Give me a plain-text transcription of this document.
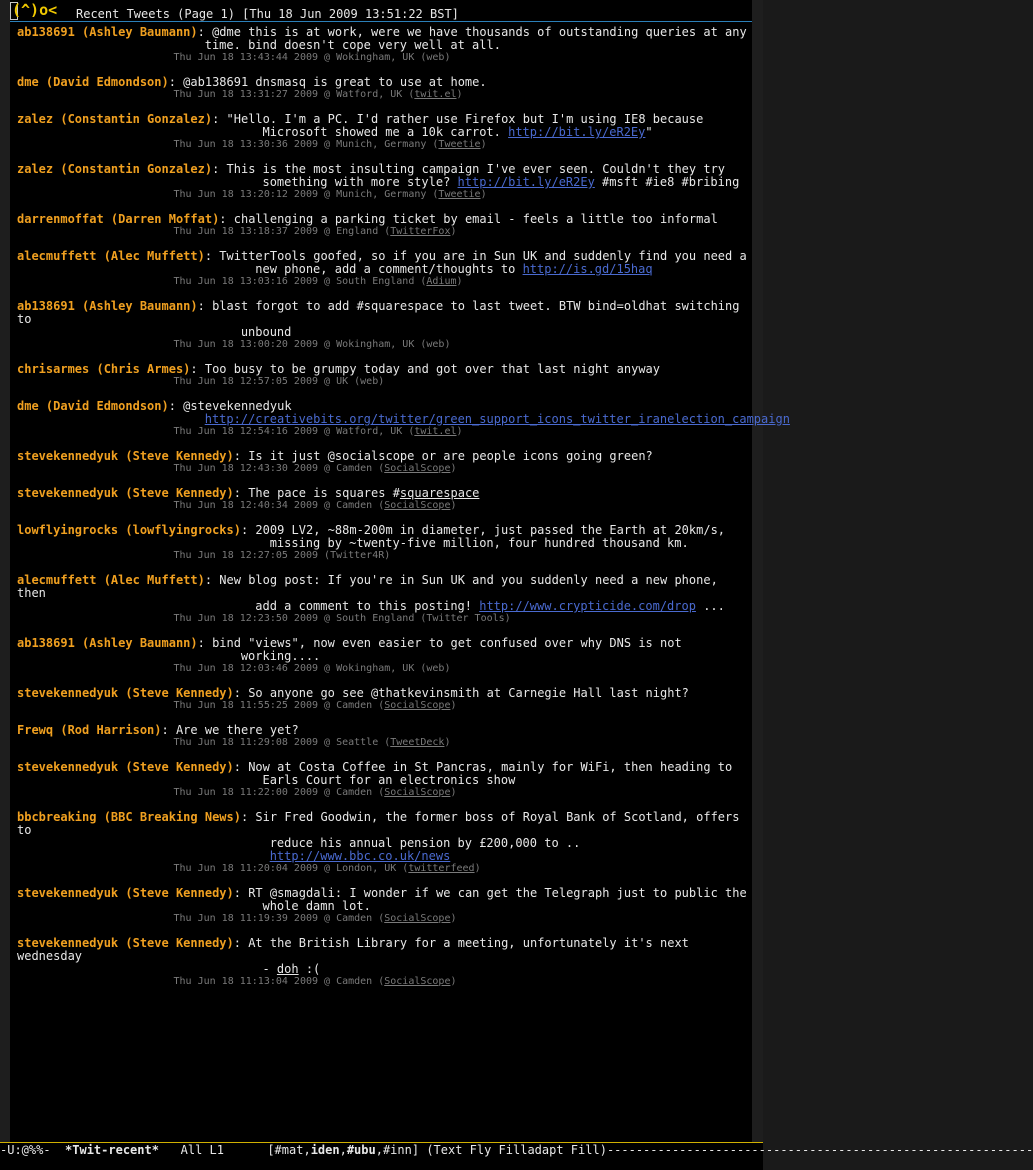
(^)o< Recent Tweets (Page 1) [Thu 18 Jun 2009 13:51:22 BST]
ab138691 (Ashley Baumann): @dme this is at work, were we have thousands of outstanding queries at any
time. bind doesn't cope very well at all.
Thu Jun 18 13:43:44 2009 @ Wokingham, UK (web)
dme (David Edmondson): @ab138691 dnsmasq is great to use at home.
Thu Jun 18 13:31:27 2009 @ Watford, UK (twit.el)
zalez (Constantin Gonzalez): "Hello. I'm a PC. I'd rather use Firefox but I'm using IE8 because
Microsoft showed me a 10k carrot. http://bit.ly/eR2Ey"
Thu Jun 18 13:30:36 2009 @ Munich, Germany (Tweetie)
zalez (Constantin Gonzalez): This is the most insulting campaign I've ever seen. Couldn't they try
something with more style? http://bit.ly/eR2Ey #msft #ie8 #bribing
Thu Jun 18 13:20:12 2009 @ Munich, Germany (Tweetie)
darrenmoffat (Darren Moffat): challenging a parking ticket by email - feels a little too informal
Thu Jun 18 13:18:37 2009 @ England (TwitterFox)
alecmuffett (Alec Muffett): TwitterTools goofed, so if you are in Sun UK and suddenly find you need a
new phone, add a comment/thoughts to http://is.gd/15haq
Thu Jun 18 13:03:16 2009 @ South England (Adium)
ab138691 (Ashley Baumann): blast forgot to add #squarespace to last tweet. BTW bind=oldhat switching to
unbound
Thu Jun 18 13:00:20 2009 @ Wokingham, UK (web)
chrisarmes (Chris Armes): Too busy to be grumpy today and got over that last night anyway
Thu Jun 18 12:57:05 2009 @ UK (web)
dme (David Edmondson): @stevekennedyuk
http://creativebits.org/twitter/green_support_icons_twitter_iranelection_campaign
Thu Jun 18 12:54:16 2009 @ Watford, UK (twit.el)
stevekennedyuk (Steve Kennedy): Is it just @socialscope or are people icons going green?
Thu Jun 18 12:43:30 2009 @ Camden (SocialScope)
stevekennedyuk (Steve Kennedy): The pace is squares #squarespace
Thu Jun 18 12:40:34 2009 @ Camden (SocialScope)
lowflyingrocks (lowflyingrocks): 2009 LV2, ~88m-200m in diameter, just passed the Earth at 20km/s,
missing by ~twenty-five million, four hundred thousand km.
Thu Jun 18 12:27:05 2009 (Twitter4R)
alecmuffett (Alec Muffett): New blog post: If you're in Sun UK and you suddenly need a new phone, then
add a comment to this posting! http://www.crypticide.com/drop ...
Thu Jun 18 12:23:50 2009 @ South England (Twitter Tools)
ab138691 (Ashley Baumann): bind "views", now even easier to get confused over why DNS is not
working....
Thu Jun 18 12:03:46 2009 @ Wokingham, UK (web)
stevekennedyuk (Steve Kennedy): So anyone go see @thatkevinsmith at Carnegie Hall last night?
Thu Jun 18 11:55:25 2009 @ Camden (SocialScope)
Frewq (Rod Harrison): Are we there yet?
Thu Jun 18 11:29:08 2009 @ Seattle (TweetDeck)
stevekennedyuk (Steve Kennedy): Now at Costa Coffee in St Pancras, mainly for WiFi, then heading to
Earls Court for an electronics show
Thu Jun 18 11:22:00 2009 @ Camden (SocialScope)
bbcbreaking (BBC Breaking News): Sir Fred Goodwin, the former boss of Royal Bank of Scotland, offers to
reduce his annual pension by £200,000 to .. http://www.bbc.co.uk/news
Thu Jun 18 11:20:04 2009 @ London, UK (twitterfeed)
stevekennedyuk (Steve Kennedy): RT @smagdali: I wonder if we can get the Telegraph just to public the
whole damn lot.
Thu Jun 18 11:19:39 2009 @ Camden (SocialScope)
stevekennedyuk (Steve Kennedy): At the British Library for a meeting, unfortunately it's next wednesday
- doh :(
Thu Jun 18 11:13:04 2009 @ Camden (SocialScope)
-U:@%%-  *Twit-recent*   All L1      [#mat,iden,#ubu,#inn] (Text Fly Filladapt Fill)-----------------------------------------------------------
